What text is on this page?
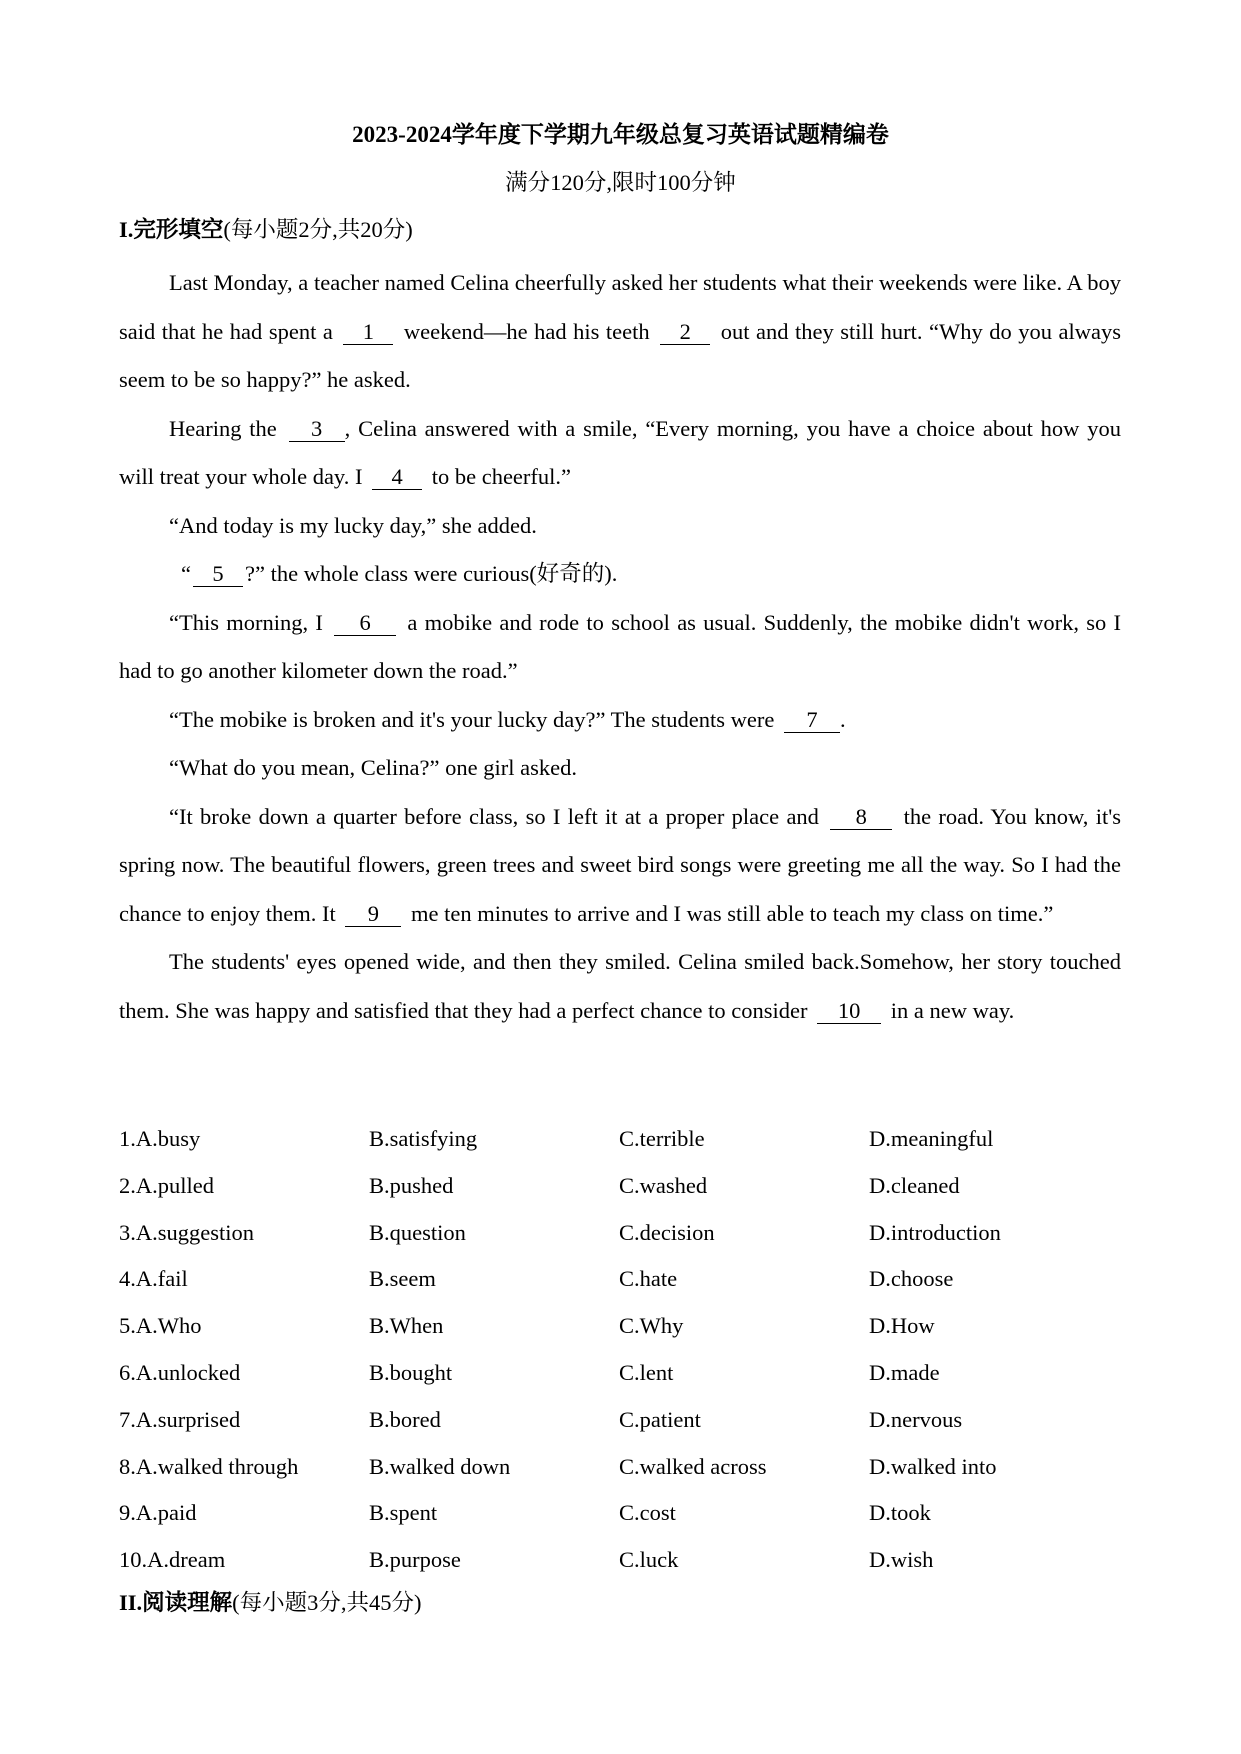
2023-2024学年度下学期九年级总复习英语试题精编卷
满分120分,限时100分钟
I.完形填空(每小题2分,共20分)

Last Monday, a teacher named Celina cheerfully asked her students what their weekends were like. A boy said that he had spent a 1 weekend—he had his teeth 2 out and they still hurt. “Why do you always seem to be so happy?” he asked.

Hearing the 3 , Celina answered with a smile, “Every morning, you have a choice about how you will treat your whole day. I 4 to be cheerful.”

“And today is my lucky day,” she added.

“ 5 ?” the whole class were curious(好奇的).

“This morning, I 6 a mobike and rode to school as usual. Suddenly, the mobike didn't work, so I had to go another kilometer down the road.”

“The mobike is broken and it's your lucky day?” The students were 7 .

“What do you mean, Celina?” one girl asked.

“It broke down a quarter before class, so I left it at a proper place and 8 the road. You know, it's spring now. The beautiful flowers, green trees and sweet bird songs were greeting me all the way. So I had the chance to enjoy them. It 9 me ten minutes to arrive and I was still able to teach my class on time.”

The students' eyes opened wide, and then they smiled. Celina smiled back.Somehow, her story touched them. She was happy and satisfied that they had a perfect chance to consider 10 in a new way.

1.A.busy	B.satisfying	C.terrible	D.meaningful
2.A.pulled	B.pushed	C.washed	D.cleaned
3.A.suggestion	B.question	C.decision	D.introduction
4.A.fail	B.seem	C.hate	D.choose
5.A.Who	B.When	C.Why	D.How
6.A.unlocked	B.bought	C.lent	D.made
7.A.surprised	B.bored	C.patient	D.nervous
8.A.walked through	B.walked down	C.walked across	D.walked into
9.A.paid	B.spent	C.cost	D.took
10.A.dream	B.purpose	C.luck	D.wish
II.阅读理解(每小题3分,共45分)
